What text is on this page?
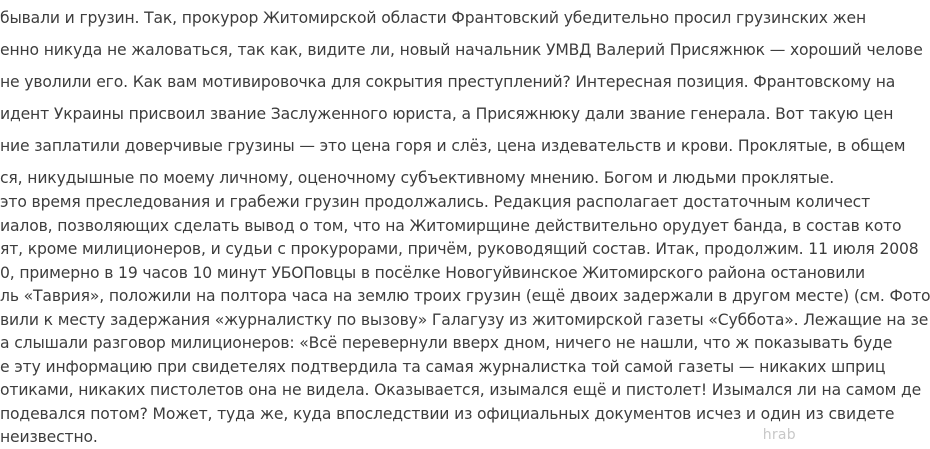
бывали и грузин. Так, прокурор Житомирской области Франтовский убедительно просил грузинских жен
енно никуда не жаловаться, так как, видите ли, новый начальник УМВД Валерий Присяжнюк — хороший челове
не уволили его. Как вам мотивировочка для сокрытия преступлений? Интересная позиция. Франтовскому на
идент Украины присвоил звание Заслуженного юриста, а Присяжнюку дали звание генерала. Вот такую цен
ние заплатили доверчивые грузины — это цена горя и слёз, цена издевательств и крови. Проклятые, в общем
ся, никудышные по моему личному, оценочному субъективному мнению. Богом и людьми проклятые.
это время преследования и грабежи грузин продолжались. Редакция располагает достаточным количест
иалов, позволяющих сделать вывод о том, что на Житомирщине действительно орудует банда, в состав кото
ят, кроме милиционеров, и судьи с прокурорами, причём, руководящий состав. Итак, продолжим. 11 июля 2008
0, примерно в 19 часов 10 минут УБОПовцы в посёлке Новогуйвинское Житомирского района остановили
ль «Таврия», положили на полтора часа на землю троих грузин (ещё двоих задержали в другом месте) (см. Фото
вили к месту задержания «журналистку по вызову» Галагузу из житомирской газеты «Суббота». Лежащие на зе
а слышали разговор милиционеров: «Всё перевернули вверх дном, ничего не нашли, что ж показывать буде
е эту информацию при свидетелях подтвердила та самая журналистка той самой газеты — никаких шприц
отиками, никаких пистолетов она не видела. Оказывается, изымался ещё и пистолет! Изымался ли на самом де
подевался потом? Может, туда же, куда впоследствии из официальных документов исчез и один из свидете
неизвестно.	hrab
